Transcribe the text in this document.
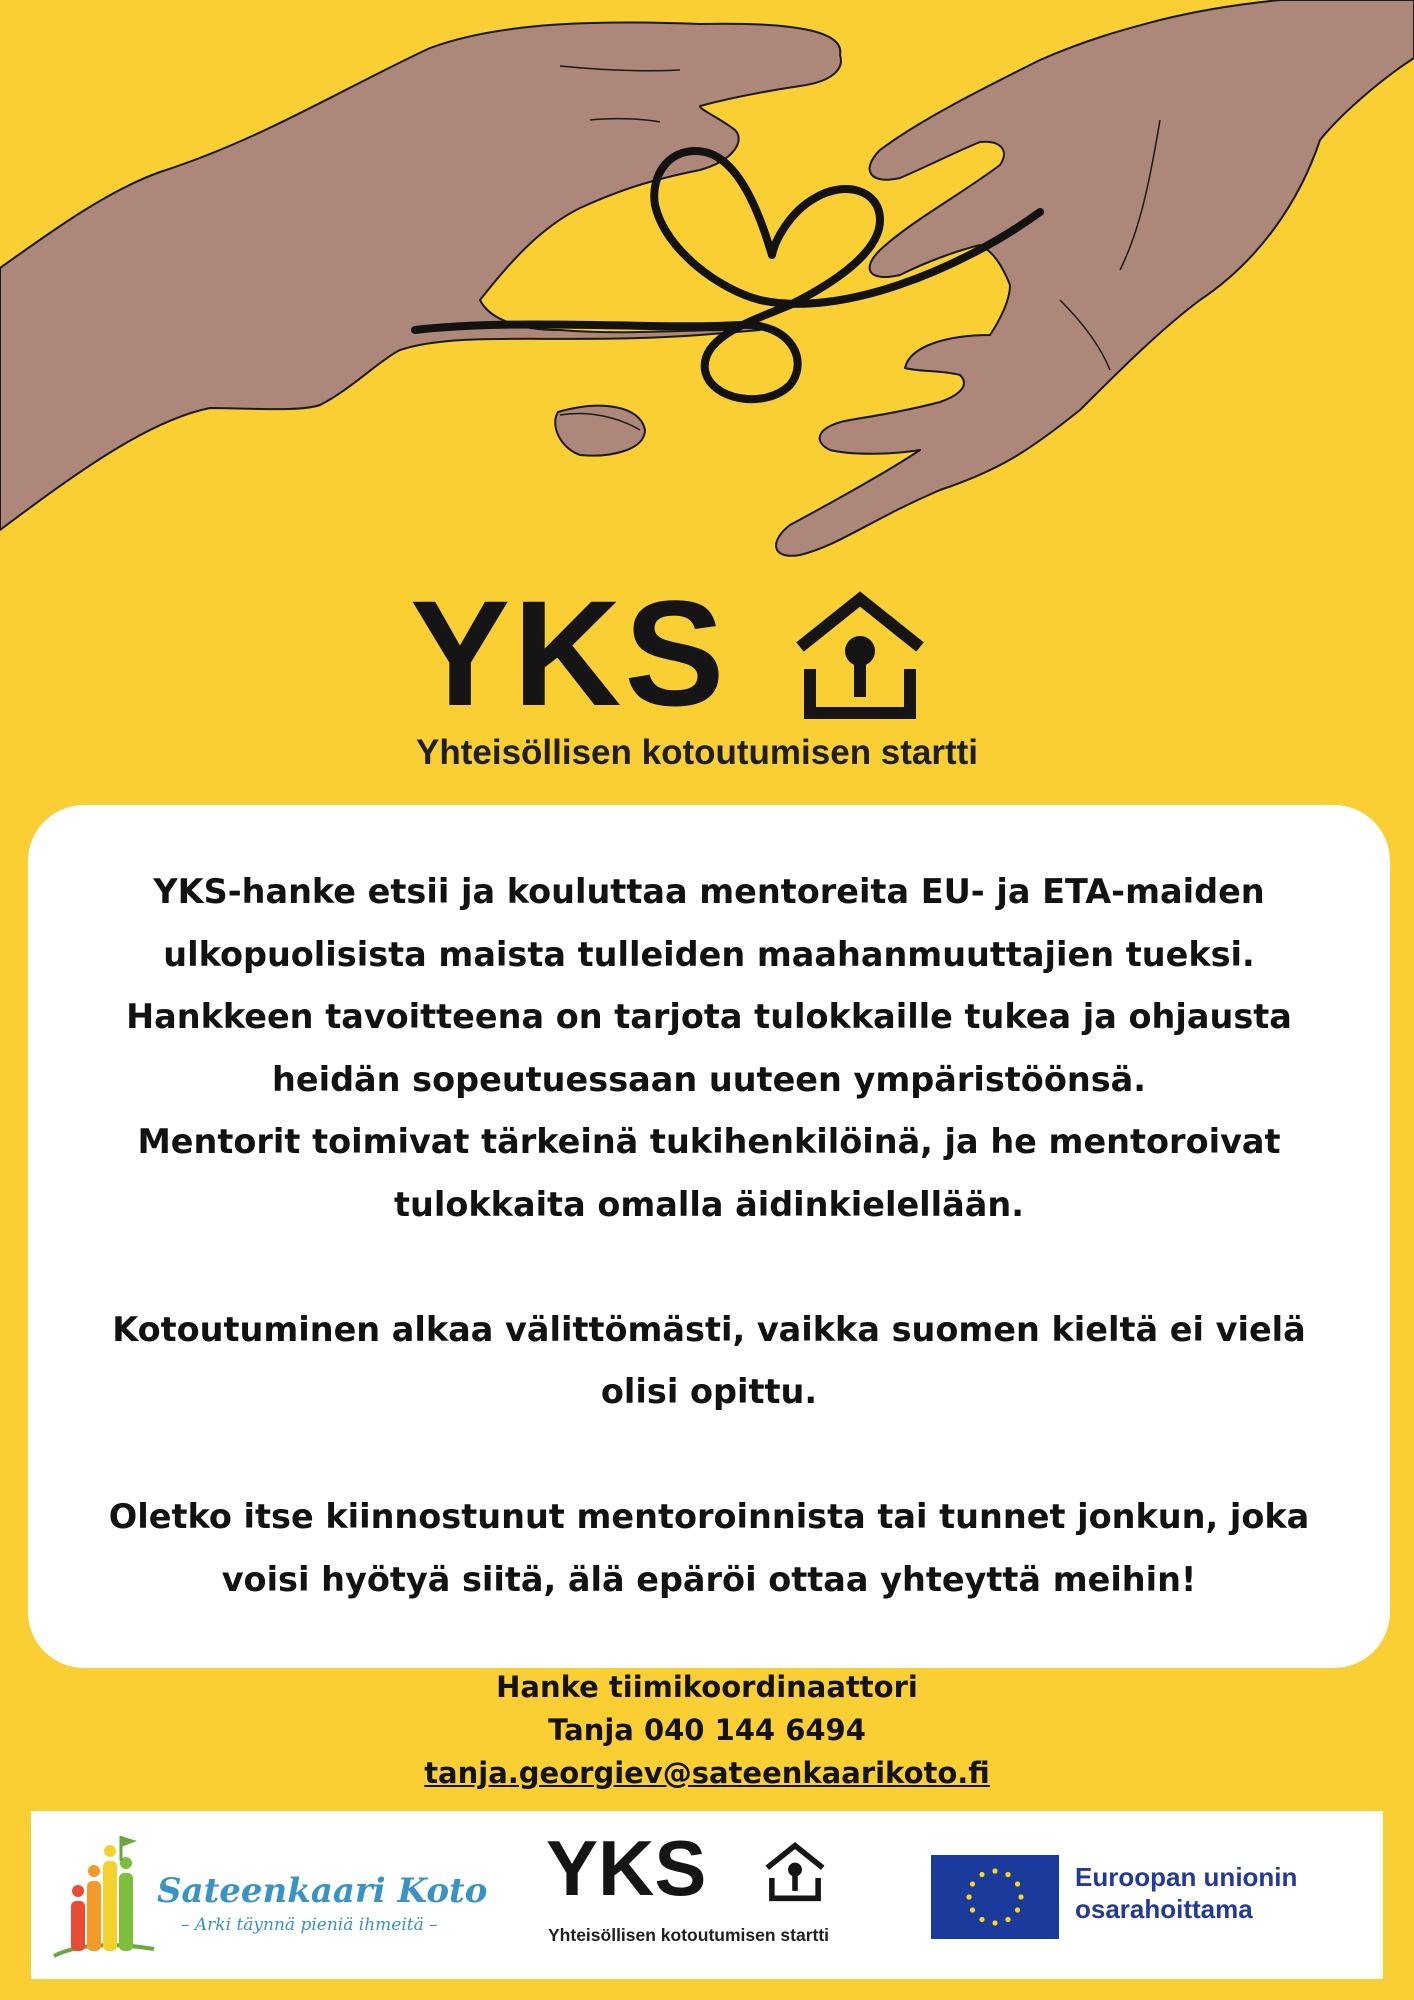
YKS
Yhteisöllisen kotoutumisen startti

YKS-hanke etsii ja kouluttaa mentoreita EU- ja ETA-maiden ulkopuolisista maista tulleiden maahanmuuttajien tueksi. Hankkeen tavoitteena on tarjota tulokkaille tukea ja ohjausta heidän sopeutuessaan uuteen ympäristöönsä.

Mentorit toimivat tärkeinä tukihenkilöinä, ja he mentoroivat tulokkaita omalla äidinkielellään.

Kotoutuminen alkaa välittömästi, vaikka suomen kieltä ei vielä olisi opittu.

Oletko itse kiinnostunut mentoroinnista tai tunnet jonkun, joka voisi hyötyä siitä, älä epäröi ottaa yhteyttä meihin!

Hanke tiimikoordinaattori
Tanja 040 144 6494
tanja.georgiev@sateenkaarikoto.fi
Sateenkaari Koto
– Arki täynnä pieniä ihmeitä –
YKS
Yhteisöllisen kotoutumisen startti
Euroopan unionin
osarahoittama
